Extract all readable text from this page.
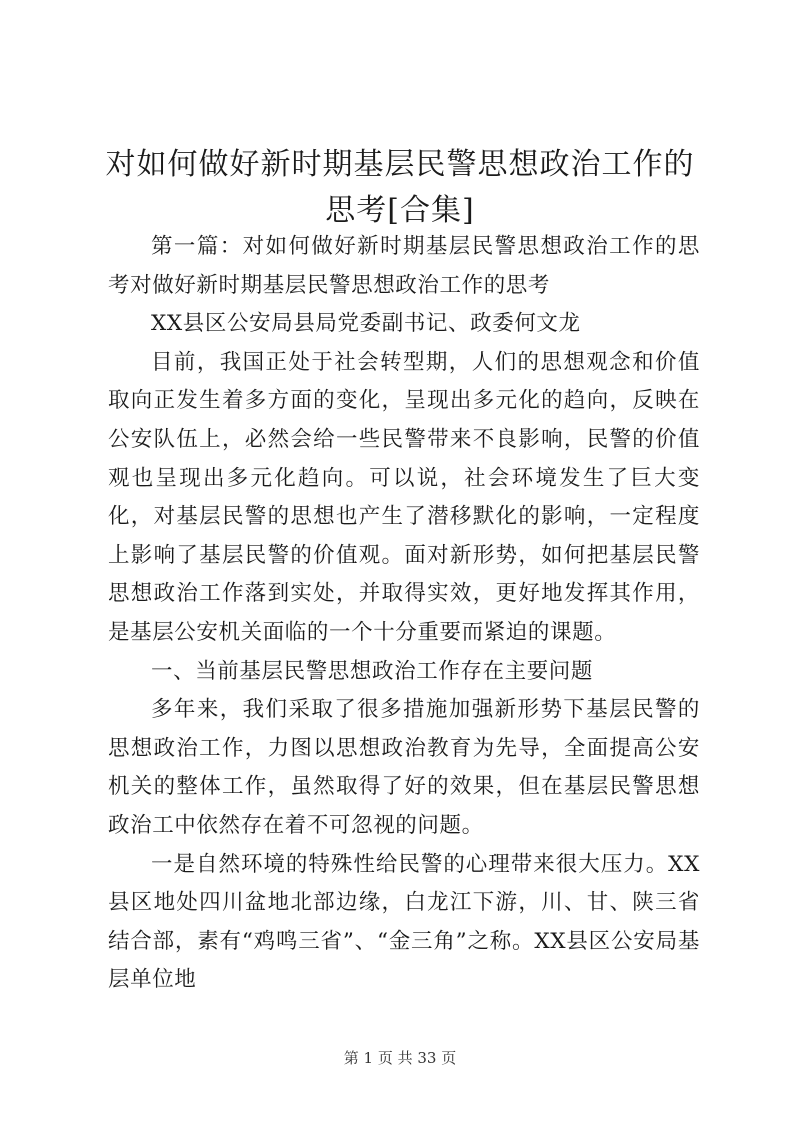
对如何做好新时期基层民警思想政治工作的思考[合集]

第一篇：对如何做好新时期基层民警思想政治工作的思考对做好新时期基层民警思想政治工作的思考

XX县区公安局县局党委副书记、政委何文龙

目前，我国正处于社会转型期，人们的思想观念和价值取向正发生着多方面的变化，呈现出多元化的趋向，反映在公安队伍上，必然会给一些民警带来不良影响，民警的价值观也呈现出多元化趋向。可以说，社会环境发生了巨大变化，对基层民警的思想也产生了潜移默化的影响，一定程度上影响了基层民警的价值观。面对新形势，如何把基层民警思想政治工作落到实处，并取得实效，更好地发挥其作用，是基层公安机关面临的一个十分重要而紧迫的课题。

一、当前基层民警思想政治工作存在主要问题

多年来，我们采取了很多措施加强新形势下基层民警的思想政治工作，力图以思想政治教育为先导，全面提高公安机关的整体工作，虽然取得了好的效果，但在基层民警思想政治工中依然存在着不可忽视的问题。

一是自然环境的特殊性给民警的心理带来很大压力。XX县区地处四川盆地北部边缘，白龙江下游，川、甘、陕三省结合部，素有“鸡鸣三省”、“金三角”之称。XX县区公安局基层单位地

第 1 页 共 33 页
